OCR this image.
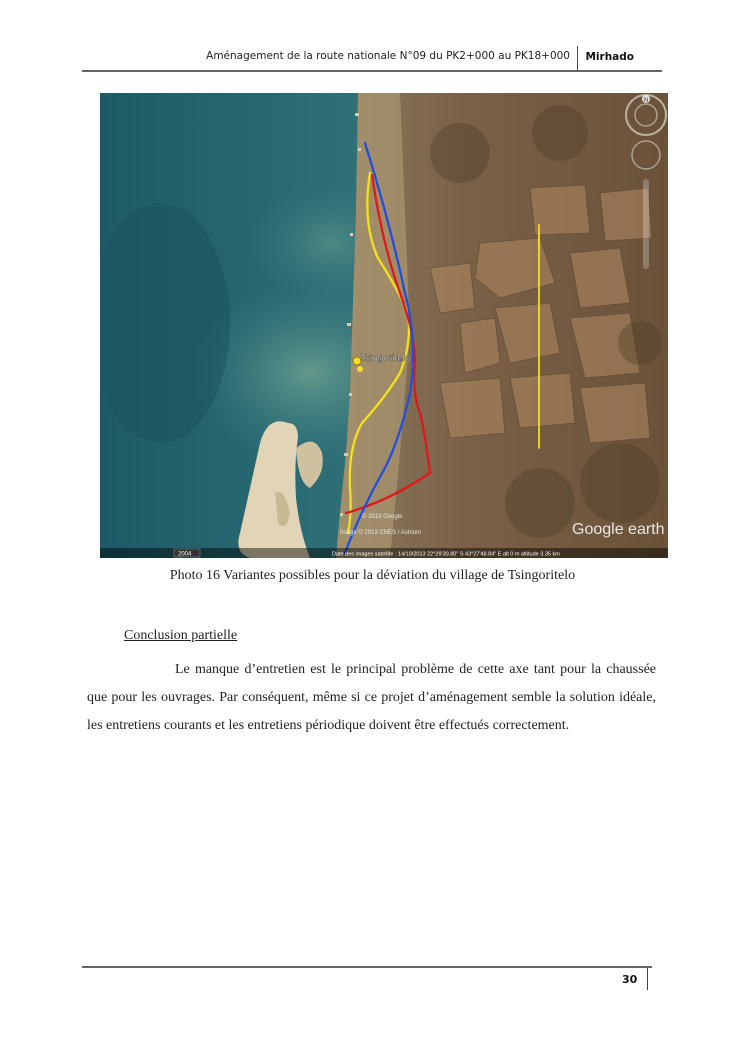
Aménagement de la route nationale N°09 du PK2+000 au PK18+000 Mirhado
Tsingoritelo
N
Google earth
© 2013 Google
Image © 2013 CNES / Astrium
2004	Date des images satellite : 14/10/2013 22°29'30.80" S 43°27'48.84" E alt 0 m altitude 3.35 km
Photo 16 Variantes possibles pour la déviation du village de Tsingoritelo
Conclusion partielle

Le manque d’entretien est le principal problème de cette axe tant pour la chaussée que pour les ouvrages. Par conséquent, même si ce projet d’aménagement semble la solution idéale, les entretiens courants et les entretiens périodique doivent être effectués correctement.

30
